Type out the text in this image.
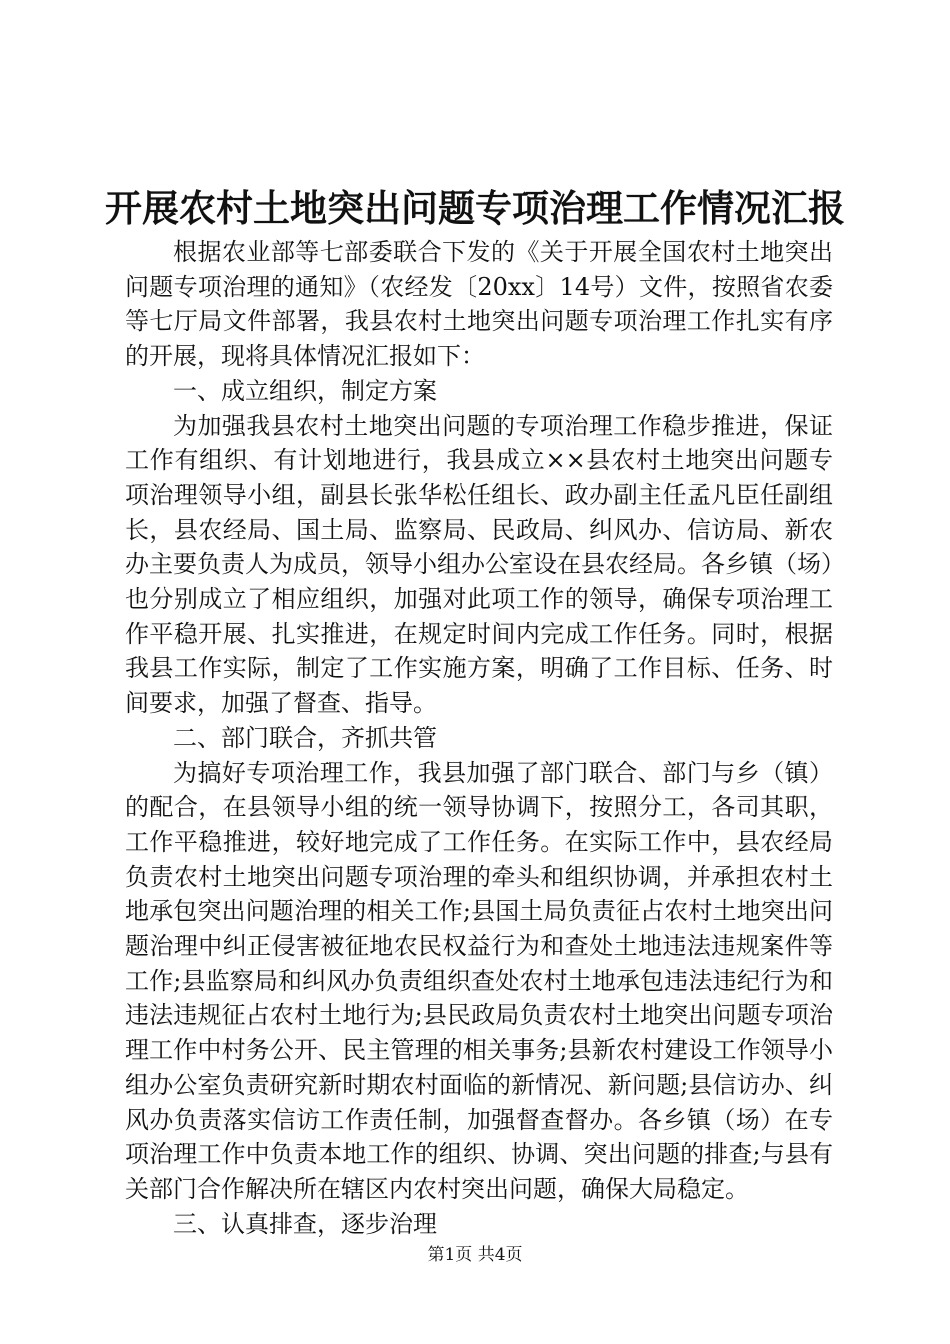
开展农村土地突出问题专项治理工作情况汇报

根据农业部等七部委联合下发的《关于开展全国农村土地突出问题专项治理的通知》（农经发〔20xx〕14号）文件，按照省农委等七厅局文件部署，我县农村土地突出问题专项治理工作扎实有序的开展，现将具体情况汇报如下：

一、成立组织，制定方案

为加强我县农村土地突出问题的专项治理工作稳步推进，保证工作有组织、有计划地进行，我县成立××县农村土地突出问题专项治理领导小组，副县长张华松任组长、政办副主任孟凡臣任副组长，县农经局、国土局、监察局、民政局、纠风办、信访局、新农办主要负责人为成员，领导小组办公室设在县农经局。各乡镇（场）也分别成立了相应组织，加强对此项工作的领导，确保专项治理工作平稳开展、扎实推进，在规定时间内完成工作任务。同时，根据我县工作实际，制定了工作实施方案，明确了工作目标、任务、时间要求，加强了督查、指导。

二、部门联合，齐抓共管

为搞好专项治理工作，我县加强了部门联合、部门与乡（镇）的配合，在县领导小组的统一领导协调下，按照分工，各司其职，工作平稳推进，较好地完成了工作任务。在实际工作中，县农经局负责农村土地突出问题专项治理的牵头和组织协调，并承担农村土地承包突出问题治理的相关工作;县国土局负责征占农村土地突出问题治理中纠正侵害被征地农民权益行为和查处土地违法违规案件等工作;县监察局和纠风办负责组织查处农村土地承包违法违纪行为和违法违规征占农村土地行为;县民政局负责农村土地突出问题专项治理工作中村务公开、民主管理的相关事务;县新农村建设工作领导小组办公室负责研究新时期农村面临的新情况、新问题;县信访办、纠风办负责落实信访工作责任制，加强督查督办。各乡镇（场）在专项治理工作中负责本地工作的组织、协调、突出问题的排查;与县有关部门合作解决所在辖区内农村突出问题，确保大局稳定。

三、认真排查，逐步治理

第1页 共4页
